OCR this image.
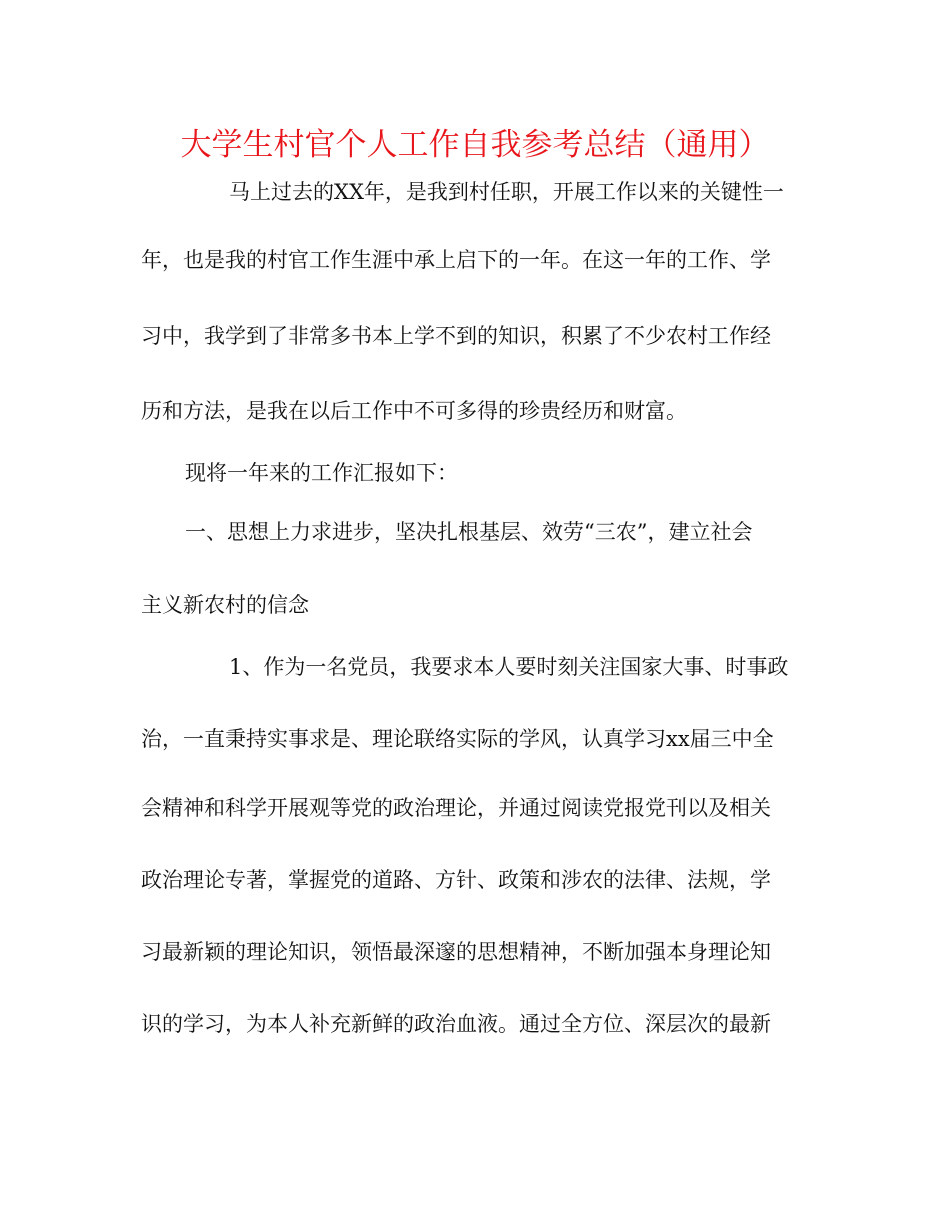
大学生村官个人工作自我参考总结（通用）
马上过去的XX年，是我到村任职，开展工作以来的关键性一
年，也是我的村官工作生涯中承上启下的一年。在这一年的工作、学
习中，我学到了非常多书本上学不到的知识，积累了不少农村工作经
历和方法，是我在以后工作中不可多得的珍贵经历和财富。
现将一年来的工作汇报如下：
一、思想上力求进步，坚决扎根基层、效劳“三农”，建立社会
主义新农村的信念
1、作为一名党员，我要求本人要时刻关注国家大事、时事政
治，一直秉持实事求是、理论联络实际的学风，认真学习xx届三中全
会精神和科学开展观等党的政治理论，并通过阅读党报党刊以及相关
政治理论专著，掌握党的道路、方针、政策和涉农的法律、法规，学
习最新颖的理论知识，领悟最深邃的思想精神，不断加强本身理论知
识的学习，为本人补充新鲜的政治血液。通过全方位、深层次的最新
